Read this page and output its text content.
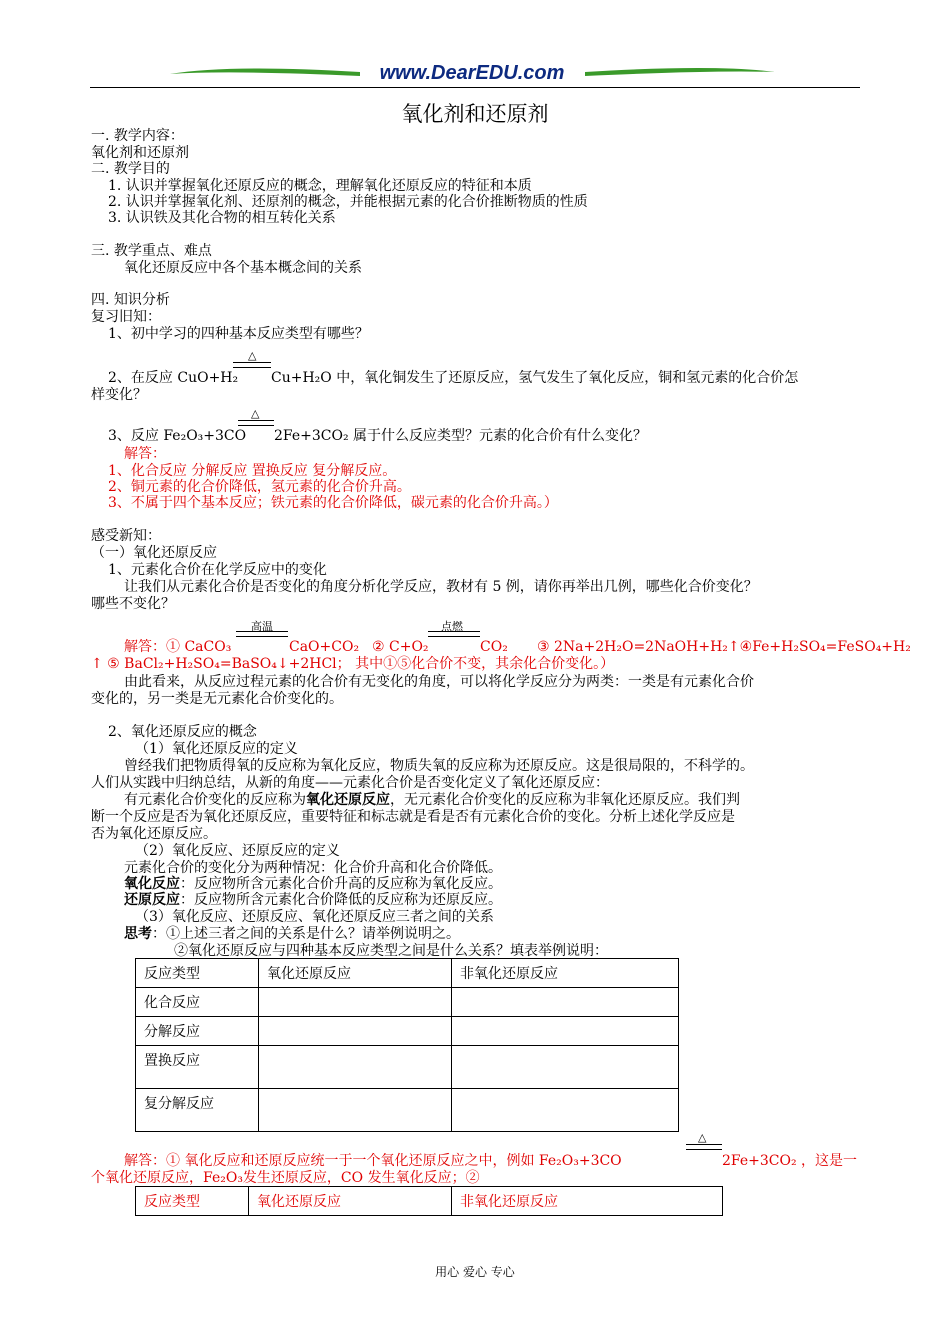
www.DearEDU.com
氧化剂和还原剂
一. 教学内容：
氧化剂和还原剂
二. 教学目的
1. 认识并掌握氧化还原反应的概念，理解氧化还原反应的特征和本质
2. 认识并掌握氧化剂、还原剂的概念，并能根据元素的化合价推断物质的性质
3. 认识铁及其化合物的相互转化关系
三. 教学重点、难点
氧化还原反应中各个基本概念间的关系
四. 知识分析
复习旧知：
1、初中学习的四种基本反应类型有哪些？
△
2、在反应 CuO+H₂ Cu+H₂O 中，氧化铜发生了还原反应，氢气发生了氧化反应，铜和氢元素的化合价怎
样变化？
△
3、反应 Fe₂O₃+3CO 2Fe+3CO₂ 属于什么反应类型？元素的化合价有什么变化？
解答：
1、化合反应 分解反应 置换反应 复分解反应。
2、铜元素的化合价降低，氢元素的化合价升高。
3、不属于四个基本反应；铁元素的化合价降低，碳元素的化合价升高。）
感受新知：
（一）氧化还原反应
1、元素化合价在化学反应中的变化
让我们从元素化合价是否变化的角度分析化学反应，教材有 5 例，请你再举出几例，哪些化合价变化？
哪些不变化？
高温	点燃
解答：① CaCO₃	CaO+CO₂ ② C+O₂	CO₂ ③ 2Na+2H₂O=2NaOH+H₂↑④Fe+H₂SO₄=FeSO₄+H₂
↑ ⑤ BaCl₂+H₂SO₄=BaSO₄↓+2HCl； 其中①⑤化合价不变，其余化合价变化。）
由此看来，从反应过程元素的化合价有无变化的角度，可以将化学反应分为两类：一类是有元素化合价
变化的，另一类是无元素化合价变化的。
2、氧化还原反应的概念
（1）氧化还原反应的定义
曾经我们把物质得氧的反应称为氧化反应，物质失氧的反应称为还原反应。这是很局限的，不科学的。
人们从实践中归纳总结，从新的角度——元素化合价是否变化定义了氧化还原反应：
有元素化合价变化的反应称为氧化还原反应，无元素化合价变化的反应称为非氧化还原反应。我们判
断一个反应是否为氧化还原反应，重要特征和标志就是看是否有元素化合价的变化。分析上述化学反应是
否为氧化还原反应。
（2）氧化反应、还原反应的定义
元素化合价的变化分为两种情况：化合价升高和化合价降低。
氧化反应：反应物所含元素化合价升高的反应称为氧化反应。
还原反应：反应物所含元素化合价降低的反应称为还原反应。
（3）氧化反应、还原反应、氧化还原反应三者之间的关系
思考：①上述三者之间的关系是什么？请举例说明之。
②氧化还原反应与四种基本反应类型之间是什么关系？填表举例说明：
反应类型	氧化还原反应	非氧化还原反应
化合反应		
分解反应		
置换反应		
复分解反应		
△
解答：① 氧化反应和还原反应统一于一个氧化还原反应之中，例如 Fe₂O₃+3CO	2Fe+3CO₂ ，这是一
个氧化还原反应，Fe₂O₃发生还原反应，CO 发生氧化反应；②
反应类型	氧化还原反应	非氧化还原反应
用心 爱心 专心
